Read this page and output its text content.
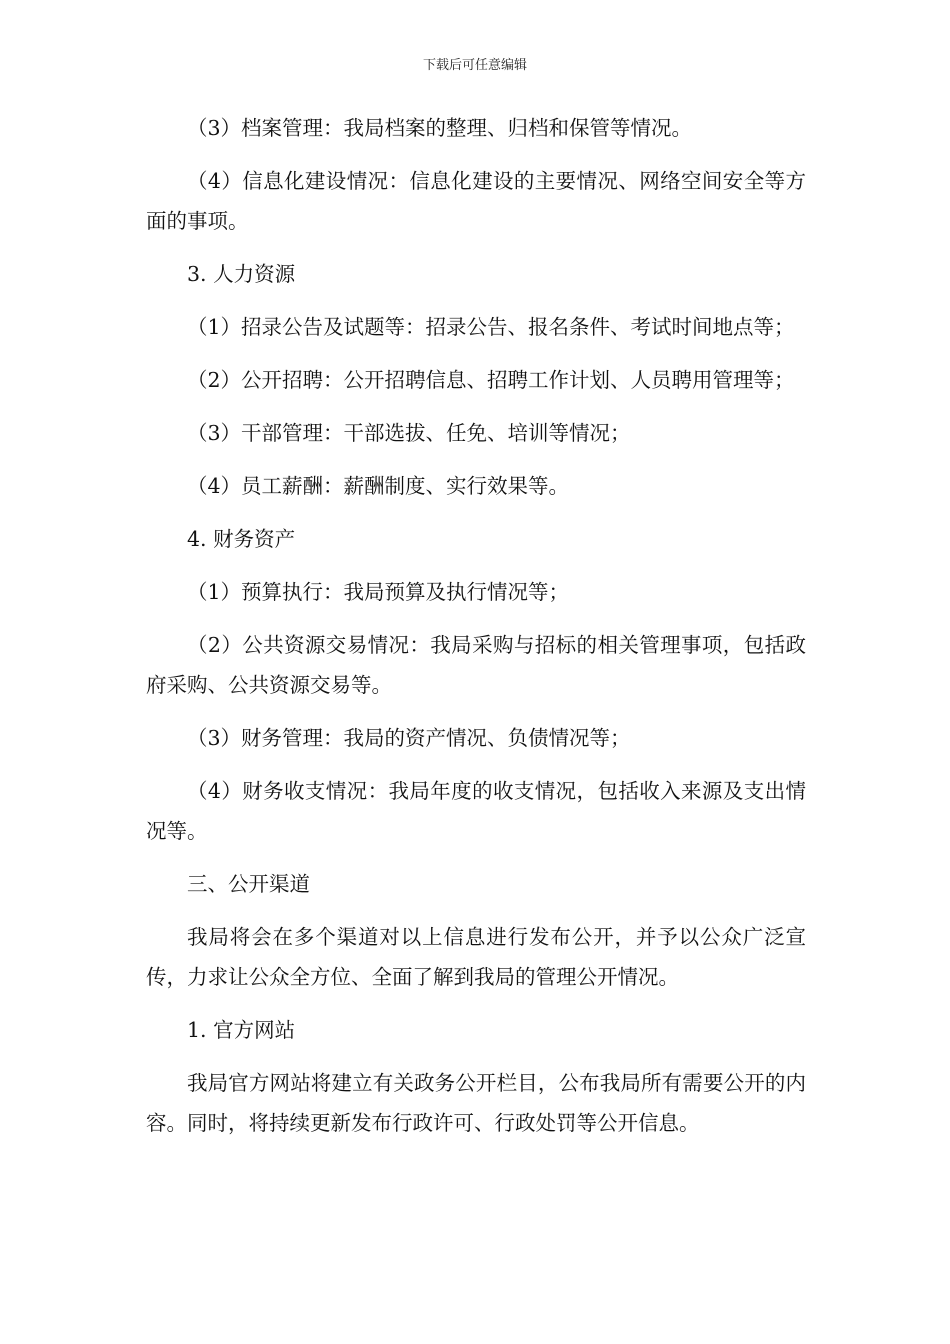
下载后可任意编辑

（3）档案管理：我局档案的整理、归档和保管等情况。

（4）信息化建设情况：信息化建设的主要情况、网络空间安全等方面的事项。

3. 人力资源

（1）招录公告及试题等：招录公告、报名条件、考试时间地点等；

（2）公开招聘：公开招聘信息、招聘工作计划、人员聘用管理等；

（3）干部管理：干部选拔、任免、培训等情况；

（4）员工薪酬：薪酬制度、实行效果等。

4. 财务资产

（1）预算执行：我局预算及执行情况等；

（2）公共资源交易情况：我局采购与招标的相关管理事项，包括政府采购、公共资源交易等。

（3）财务管理：我局的资产情况、负债情况等；

（4）财务收支情况：我局年度的收支情况，包括收入来源及支出情况等。

三、公开渠道

我局将会在多个渠道对以上信息进行发布公开，并予以公众广泛宣传，力求让公众全方位、全面了解到我局的管理公开情况。

1. 官方网站

我局官方网站将建立有关政务公开栏目，公布我局所有需要公开的内容。同时，将持续更新发布行政许可、行政处罚等公开信息。
